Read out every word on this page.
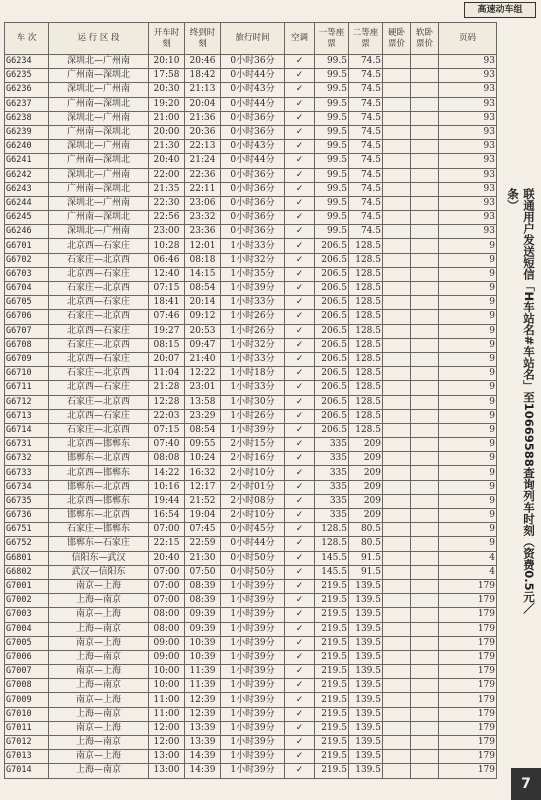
高速动车组
车 次	运 行 区 段	开车时刻	终到时刻	旅行时间	空调	一等座票	二等座票	硬卧票价	软卧票价	页码
G6234	深圳北—广州南	20:10	20:46	0小时36分	✓	99.5	74.5			93
G6235	广州南—深圳北	17:58	18:42	0小时44分	✓	99.5	74.5			93
G6236	深圳北—广州南	20:30	21:13	0小时43分	✓	99.5	74.5			93
G6237	广州南—深圳北	19:20	20:04	0小时44分	✓	99.5	74.5			93
G6238	深圳北—广州南	21:00	21:36	0小时36分	✓	99.5	74.5			93
G6239	广州南—深圳北	20:00	20:36	0小时36分	✓	99.5	74.5			93
G6240	深圳北—广州南	21:30	22:13	0小时43分	✓	99.5	74.5			93
G6241	广州南—深圳北	20:40	21:24	0小时44分	✓	99.5	74.5			93
G6242	深圳北—广州南	22:00	22:36	0小时36分	✓	99.5	74.5			93
G6243	广州南—深圳北	21:35	22:11	0小时36分	✓	99.5	74.5			93
G6244	深圳北—广州南	22:30	23:06	0小时36分	✓	99.5	74.5			93
G6245	广州南—深圳北	22:56	23:32	0小时36分	✓	99.5	74.5			93
G6246	深圳北—广州南	23:00	23:36	0小时36分	✓	99.5	74.5			93
G6701	北京西—石家庄	10:28	12:01	1小时33分	✓	206.5	128.5			9
G6702	石家庄—北京西	06:46	08:18	1小时32分	✓	206.5	128.5			9
G6703	北京西—石家庄	12:40	14:15	1小时35分	✓	206.5	128.5			9
G6704	石家庄—北京西	07:15	08:54	1小时39分	✓	206.5	128.5			9
G6705	北京西—石家庄	18:41	20:14	1小时33分	✓	206.5	128.5			9
G6706	石家庄—北京西	07:46	09:12	1小时26分	✓	206.5	128.5			9
G6707	北京西—石家庄	19:27	20:53	1小时26分	✓	206.5	128.5			9
G6708	石家庄—北京西	08:15	09:47	1小时32分	✓	206.5	128.5			9
G6709	北京西—石家庄	20:07	21:40	1小时33分	✓	206.5	128.5			9
G6710	石家庄—北京西	11:04	12:22	1小时18分	✓	206.5	128.5			9
G6711	北京西—石家庄	21:28	23:01	1小时33分	✓	206.5	128.5			9
G6712	石家庄—北京西	12:28	13:58	1小时30分	✓	206.5	128.5			9
G6713	北京西—石家庄	22:03	23:29	1小时26分	✓	206.5	128.5			9
G6714	石家庄—北京西	07:15	08:54	1小时39分	✓	206.5	128.5			9
G6731	北京西—邯郸东	07:40	09:55	2小时15分	✓	335	209			9
G6732	邯郸东—北京西	08:08	10:24	2小时16分	✓	335	209			9
G6733	北京西—邯郸东	14:22	16:32	2小时10分	✓	335	209			9
G6734	邯郸东—北京西	10:16	12:17	2小时01分	✓	335	209			9
G6735	北京西—邯郸东	19:44	21:52	2小时08分	✓	335	209			9
G6736	邯郸东—北京西	16:54	19:04	2小时10分	✓	335	209			9
G6751	石家庄—邯郸东	07:00	07:45	0小时45分	✓	128.5	80.5			9
G6752	邯郸东—石家庄	22:15	22:59	0小时44分	✓	128.5	80.5			9
G6801	信阳东—武汉	20:40	21:30	0小时50分	✓	145.5	91.5			4
G6802	武汉—信阳东	07:00	07:50	0小时50分	✓	145.5	91.5			4
G7001	南京—上海	07:00	08:39	1小时39分	✓	219.5	139.5			179
G7002	上海—南京	07:00	08:39	1小时39分	✓	219.5	139.5			179
G7003	南京—上海	08:00	09:39	1小时39分	✓	219.5	139.5			179
G7004	上海—南京	08:00	09:39	1小时39分	✓	219.5	139.5			179
G7005	南京—上海	09:00	10:39	1小时39分	✓	219.5	139.5			179
G7006	上海—南京	09:00	10:39	1小时39分	✓	219.5	139.5			179
G7007	南京—上海	10:00	11:39	1小时39分	✓	219.5	139.5			179
G7008	上海—南京	10:00	11:39	1小时39分	✓	219.5	139.5			179
G7009	南京—上海	11:00	12:39	1小时39分	✓	219.5	139.5			179
G7010	上海—南京	11:00	12:39	1小时39分	✓	219.5	139.5			179
G7011	南京—上海	12:00	13:39	1小时39分	✓	219.5	139.5			179
G7012	上海—南京	12:00	13:39	1小时39分	✓	219.5	139.5			179
G7013	南京—上海	13:00	14:39	1小时39分	✓	219.5	139.5			179
G7014	上海—南京	13:00	14:39	1小时39分	✓	219.5	139.5			179
联通用户发送短信「H车站名#车站名」至10669588查询列车时刻（资费0.5元／条）
7
